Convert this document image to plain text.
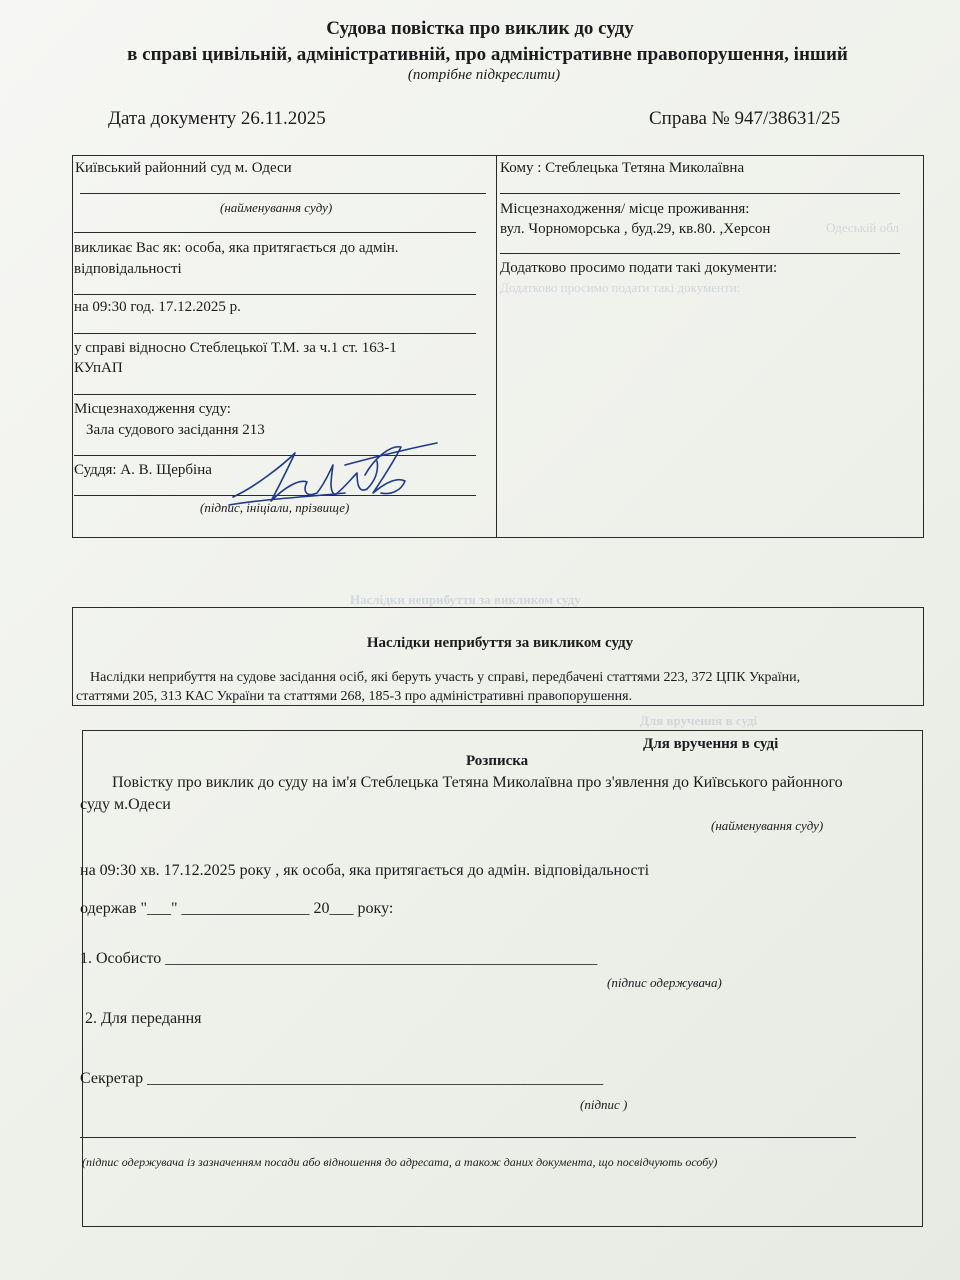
Судова повістка про виклик до суду
в справі цивільній, адміністративній, про адміністративне правопорушення, інший
(потрібне підкреслити)
Дата документу 26.11.2025	Справа № 947/38631/25
Одеській обл
Додатково просимо подати такі документи:
Наслідки неприбуття за викликом суду
Для вручення в суді
Київський районний суд м. Одеси
(найменування суду)
викликає Вас як: особа, яка притягається до адмін.
відповідальності
на 09:30 год. 17.12.2025 р.
у справі відносно Стеблецької Т.М. за ч.1 ст. 163-1
КУпАП
Місцезнаходження суду:
Зала судового засідання 213
Суддя: А. В. Щербіна
(підпис, ініціали, прізвище)
Кому : Стеблецька Тетяна Миколаївна
Місцезнаходження/ місце проживання:
вул. Чорноморська , буд.29, кв.80. ,Херсон
Додатково просимо подати такі документи:
Наслідки неприбуття за викликом суду
Наслідки неприбуття на судове засідання осіб, які беруть участь у справі, передбачені статтями 223, 372 ЦПК України,
статтями 205, 313 КАС України та статтями 268, 185-3 про адміністративні правопорушення.
Для вручення в суді
Розписка
Повістку про виклик до суду на ім'я Стеблецька Тетяна Миколаївна про з'явлення до Київського районного
суду м.Одеси
(найменування суду)
на 09:30 хв. 17.12.2025 року , як особа, яка притягається до адмін. відповідальності
одержав "___" ________________ 20___ року:
1. Особисто ______________________________________________________
(підпис одержувача)
2. Для передання
Секретар _________________________________________________________
(підпис )
(підпис одержувача із зазначенням посади або відношення до адресата, а також даних документа, що посвідчують особу)
